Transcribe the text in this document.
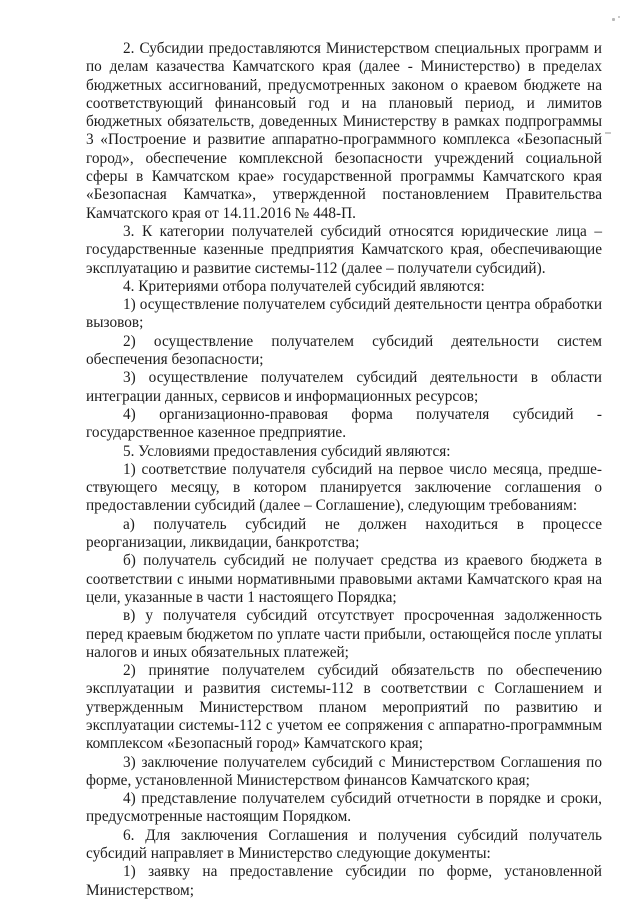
2. Субсидии предоставляются Министерством специальных программ и по делам казачества Камчатского края (далее - Министерство) в пределах бюджетных ассигнований, предусмотренных законом о краевом бюджете на соответствующий финансовый год и на плановый период, и лимитов бюджетных обязательств, доведенных Министерству в рамках подпрограммы 3 «Построение и развитие аппаратно-программного комплекса «Безопасный город», обеспечение комплексной безопасности учреждений социальной сферы в Камчатском крае» государственной программы Камчатского края «Безопасная Камчатка», утвержденной постановлением Правительства Камчатского края от 14.11.2016 № 448-П.

3. К категории получателей субсидий относятся юридические лица – государственные казенные предприятия Камчатского края, обеспечивающие эксплуатацию и развитие системы-112 (далее – получатели субсидий).

4. Критериями отбора получателей субсидий являются:

1) осуществление получателем субсидий деятельности центра обработки вызовов;

2) осуществление получателем субсидий деятельности систем обеспечения безопасности;

3) осуществление получателем субсидий деятельности в области интеграции данных, сервисов и информационных ресурсов;

4) организационно-правовая форма получателя субсидий - государственное казенное предприятие.

5. Условиями предоставления субсидий являются:

1) соответствие получателя субсидий на первое число месяца, предшествующего месяцу, в котором планируется заключение соглашения о предоставлении субсидий (далее – Соглашение), следующим требованиям:

а) получатель субсидий не должен находиться в процессе реорганизации, ликвидации, банкротства;

б) получатель субсидий не получает средства из краевого бюджета в соответствии с иными нормативными правовыми актами Камчатского края на цели, указанные в части 1 настоящего Порядка;

в) у получателя субсидий отсутствует просроченная задолженность перед краевым бюджетом по уплате части прибыли, остающейся после уплаты налогов и иных обязательных платежей;

2) принятие получателем субсидий обязательств по обеспечению эксплуатации и развития системы-112 в соответствии с Соглашением и утвержденным Министерством планом мероприятий по развитию и эксплуатации системы-112 с учетом ее сопряжения с аппаратно-программным комплексом «Безопасный город» Камчатского края;

3) заключение получателем субсидий с Министерством Соглашения по форме, установленной Министерством финансов Камчатского края;

4) представление получателем субсидий отчетности в порядке и сроки, предусмотренные настоящим Порядком.

6. Для заключения Соглашения и получения субсидий получатель субсидий направляет в Министерство следующие документы:

1) заявку на предоставление субсидии по форме, установленной Министерством;
